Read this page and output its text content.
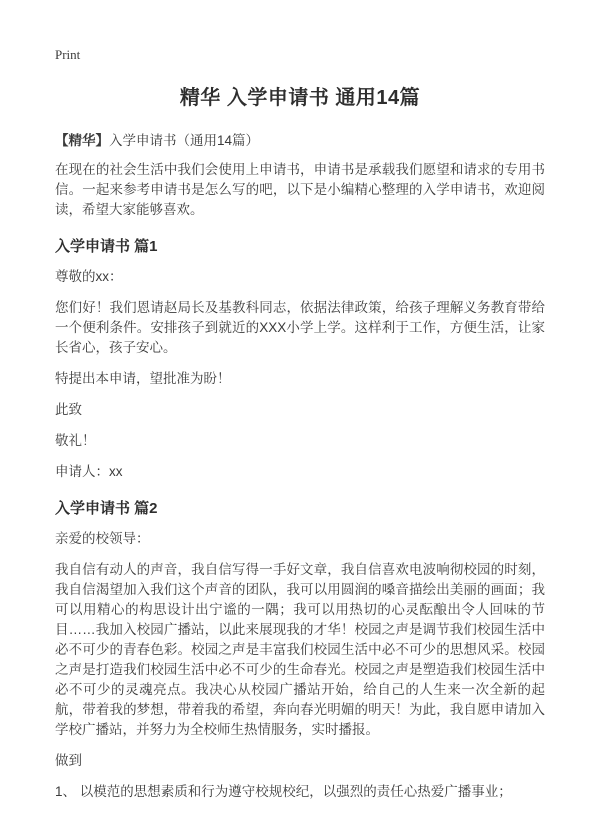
Print
精华 入学申请书 通用14篇

【精华】入学申请书（通用14篇）

在现在的社会生活中我们会使用上申请书，申请书是承载我们愿望和请求的专用书信。一起来参考申请书是怎么写的吧，以下是小编精心整理的入学申请书，欢迎阅读，希望大家能够喜欢。

入学申请书 篇1

尊敬的xx：

您们好！我们恩请赵局长及基教科同志，依据法律政策，给孩子理解义务教育带给一个便利条件。安排孩子到就近的XXX小学上学。这样利于工作，方便生活，让家长省心，孩子安心。

特提出本申请，望批准为盼！

此致

敬礼！

申请人：xx

入学申请书 篇2

亲爱的校领导：

我自信有动人的声音，我自信写得一手好文章，我自信喜欢电波响彻校园的时刻，我自信渴望加入我们这个声音的团队，我可以用圆润的嗓音描绘出美丽的画面；我可以用精心的构思设计出宁谧的一隅；我可以用热切的心灵酝酿出令人回味的节目……我加入校园广播站，以此来展现我的才华！校园之声是调节我们校园生活中必不可少的青春色彩。校园之声是丰富我们校园生活中必不可少的思想风采。校园之声是打造我们校园生活中必不可少的生命春光。校园之声是塑造我们校园生活中必不可少的灵魂亮点。我决心从校园广播站开始，给自己的人生来一次全新的起航，带着我的梦想，带着我的希望，奔向春光明媚的明天！为此，我自愿申请加入学校广播站，并努力为全校师生热情服务，实时播报。

做到

1、 以模范的思想素质和行为遵守校规校纪，以强烈的责任心热爱广播事业；
